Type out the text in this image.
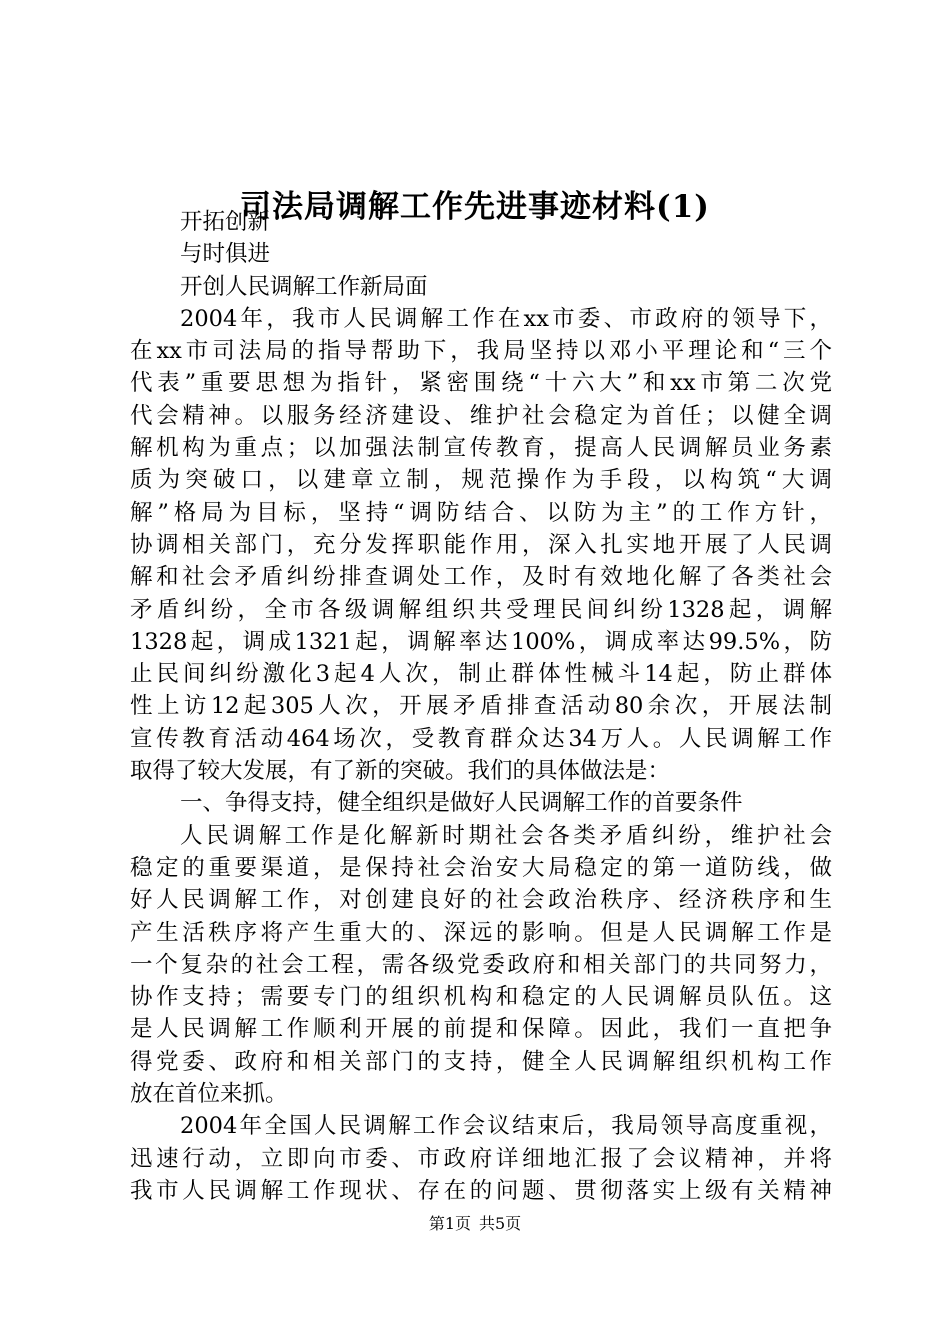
司法局调解工作先进事迹材料(1)
开拓创新
与时俱进
开创人民调解工作新局面
2004年，我市人民调解工作在xx市委、市政府的领导下，
在xx市司法局的指导帮助下，我局坚持以邓小平理论和“三个
代表”重要思想为指针，紧密围绕“十六大”和xx市第二次党
代会精神。以服务经济建设、维护社会稳定为首任；以健全调
解机构为重点；以加强法制宣传教育，提高人民调解员业务素
质为突破口，以建章立制，规范操作为手段，以构筑“大调
解”格局为目标，坚持“调防结合、以防为主”的工作方针，
协调相关部门，充分发挥职能作用，深入扎实地开展了人民调
解和社会矛盾纠纷排查调处工作，及时有效地化解了各类社会
矛盾纠纷，全市各级调解组织共受理民间纠纷1328起，调解
1328起，调成1321起，调解率达100%，调成率达99.5%，防
止民间纠纷激化3起4人次，制止群体性械斗14起，防止群体
性上访12起305人次，开展矛盾排查活动80余次，开展法制
宣传教育活动464场次，受教育群众达34万人。人民调解工作
取得了较大发展，有了新的突破。我们的具体做法是：
一、争得支持，健全组织是做好人民调解工作的首要条件
人民调解工作是化解新时期社会各类矛盾纠纷，维护社会
稳定的重要渠道，是保持社会治安大局稳定的第一道防线，做
好人民调解工作，对创建良好的社会政治秩序、经济秩序和生
产生活秩序将产生重大的、深远的影响。但是人民调解工作是
一个复杂的社会工程，需各级党委政府和相关部门的共同努力，
协作支持；需要专门的组织机构和稳定的人民调解员队伍。这
是人民调解工作顺利开展的前提和保障。因此，我们一直把争
得党委、政府和相关部门的支持，健全人民调解组织机构工作
放在首位来抓。
2004年全国人民调解工作会议结束后，我局领导高度重视，
迅速行动，立即向市委、市政府详细地汇报了会议精神，并将
我市人民调解工作现状、存在的问题、贯彻落实上级有关精神
第1页 共5页
